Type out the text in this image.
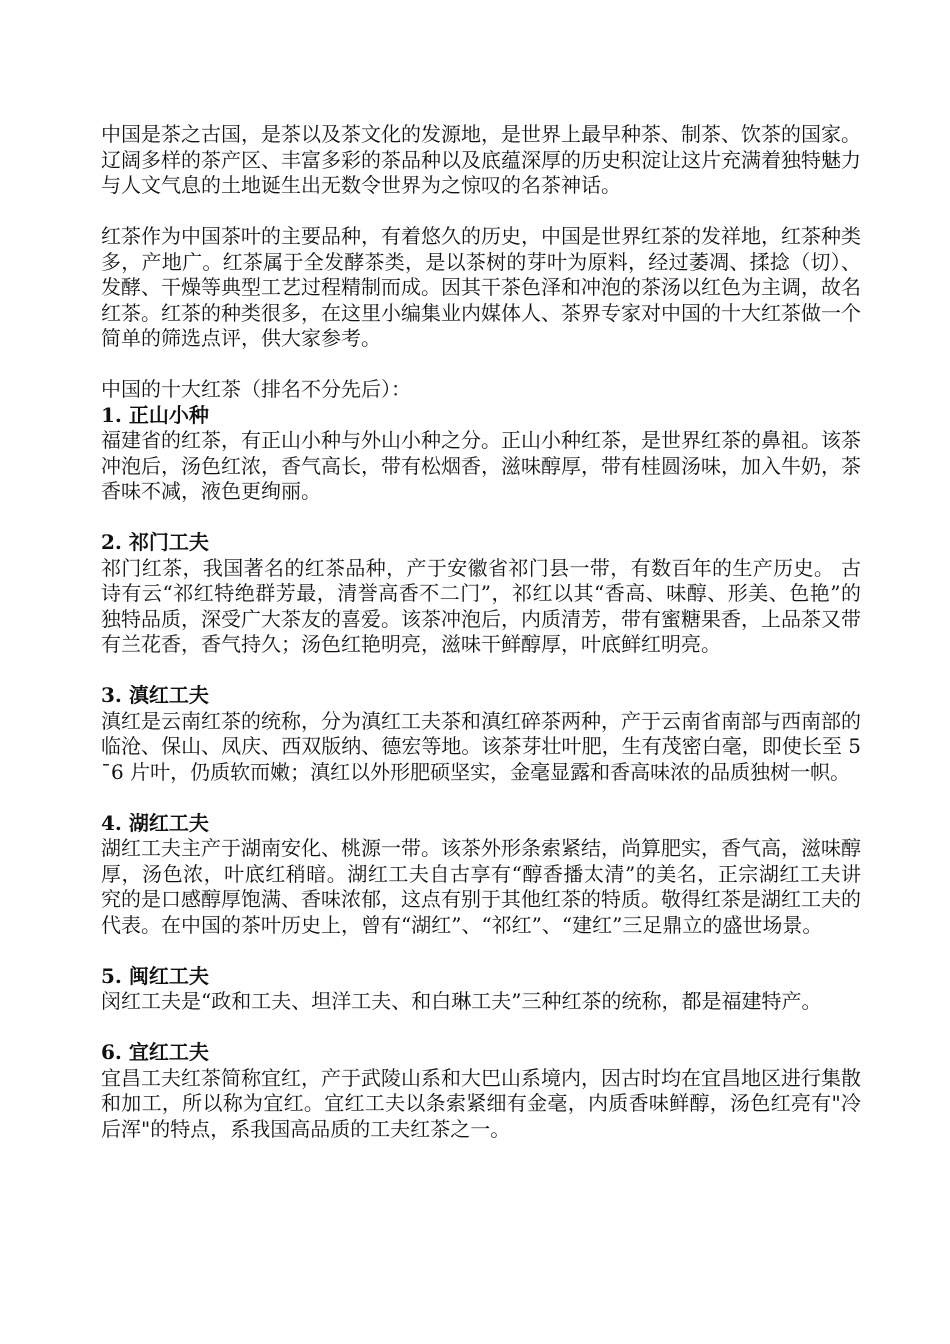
中国是茶之古国，是茶以及茶文化的发源地，是世界上最早种茶、制茶、饮茶的国家。辽阔多样的茶产区、丰富多彩的茶品种以及底蕴深厚的历史积淀让这片充满着独特魅力与人文气息的土地诞生出无数令世界为之惊叹的名茶神话。

红茶作为中国茶叶的主要品种，有着悠久的历史，中国是世界红茶的发祥地，红茶种类多，产地广。红茶属于全发酵茶类，是以茶树的芽叶为原料，经过萎凋、揉捻（切）、发酵、干燥等典型工艺过程精制而成。因其干茶色泽和冲泡的茶汤以红色为主调，故名红茶。红茶的种类很多，在这里小编集业内媒体人、茶界专家对中国的十大红茶做一个简单的筛选点评，供大家参考。

中国的十大红茶（排名不分先后）：

1. 正山小种

福建省的红茶，有正山小种与外山小种之分。正山小种红茶，是世界红茶的鼻祖。该茶冲泡后，汤色红浓，香气高长，带有松烟香，滋味醇厚，带有桂圆汤味，加入牛奶，茶香味不减，液色更绚丽。

2. 祁门工夫

祁门红茶，我国著名的红茶品种，产于安徽省祁门县一带，有数百年的生产历史。 古诗有云“祁红特绝群芳最，清誉高香不二门”，祁红以其“香高、味醇、形美、色艳”的独特品质，深受广大茶友的喜爱。该茶冲泡后，内质清芳，带有蜜糖果香，上品茶又带有兰花香，香气持久；汤色红艳明亮，滋味干鲜醇厚，叶底鲜红明亮。

3. 滇红工夫

滇红是云南红茶的统称，分为滇红工夫茶和滇红碎茶两种，产于云南省南部与西南部的临沧、保山、凤庆、西双版纳、德宏等地。该茶芽壮叶肥，生有茂密白毫，即使长至 5¯6 片叶，仍质软而嫩；滇红以外形肥硕坚实，金毫显露和香高味浓的品质独树一帜。

4. 湖红工夫

湖红工夫主产于湖南安化、桃源一带。该茶外形条索紧结，尚算肥实，香气高，滋味醇厚，汤色浓，叶底红稍暗。湖红工夫自古享有“醇香播太清”的美名，正宗湖红工夫讲究的是口感醇厚饱满、香味浓郁，这点有别于其他红茶的特质。敬得红茶是湖红工夫的代表。在中国的茶叶历史上，曾有“湖红”、“祁红”、“建红”三足鼎立的盛世场景。

5. 闽红工夫

闵红工夫是“政和工夫、坦洋工夫、和白琳工夫”三种红茶的统称，都是福建特产。

6. 宜红工夫

宜昌工夫红茶简称宜红，产于武陵山系和大巴山系境内，因古时均在宜昌地区进行集散和加工，所以称为宜红。宜红工夫以条索紧细有金毫，内质香味鲜醇，汤色红亮有"冷后浑"的特点，系我国高品质的工夫红茶之一。
